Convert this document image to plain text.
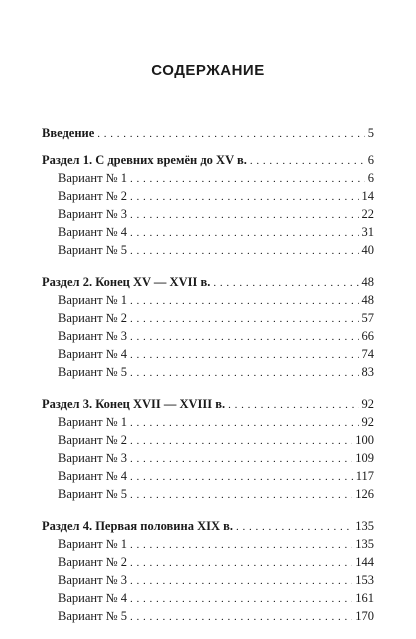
СОДЕРЖАНИЕ
Введение . . .	5
Раздел 1. С древних времён до XV в. . . .	6
Вариант № 1 . . .	6
Вариант № 2 . . .	14
Вариант № 3 . . .	22
Вариант № 4 . . .	31
Вариант № 5 . . .	40
Раздел 2. Конец XV — XVII в. . . .	48
Вариант № 1 . . .	48
Вариант № 2 . . .	57
Вариант № 3 . . .	66
Вариант № 4 . . .	74
Вариант № 5 . . .	83
Раздел 3. Конец XVII — XVIII в. . . .	92
Вариант № 1 . . .	92
Вариант № 2 . . .	100
Вариант № 3 . . .	109
Вариант № 4 . . .	117
Вариант № 5 . . .	126
Раздел 4. Первая половина XIX в. . . .	135
Вариант № 1 . . .	135
Вариант № 2 . . .	144
Вариант № 3 . . .	153
Вариант № 4 . . .	161
Вариант № 5 . . .	170
